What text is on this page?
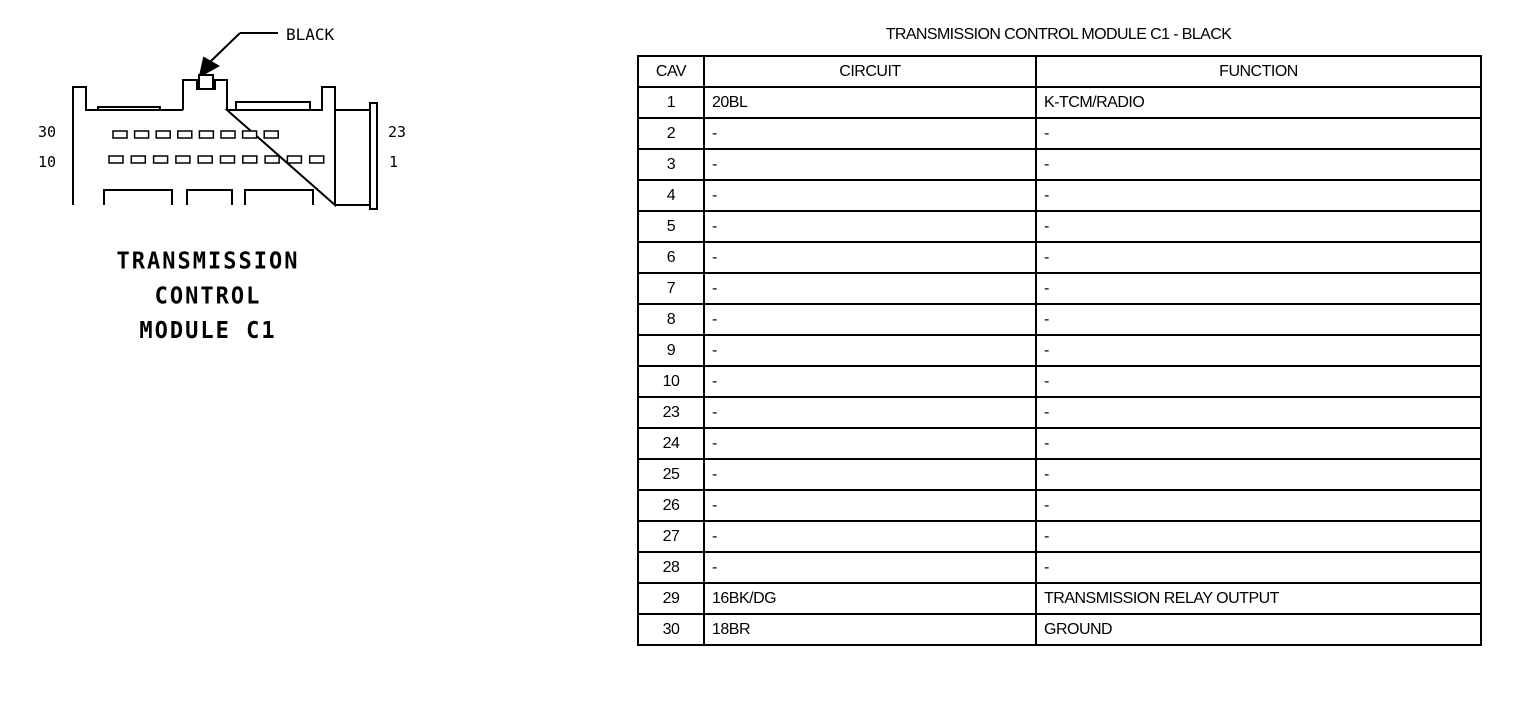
BLACK
30
10
23
1
TRANSMISSION
CONTROL
MODULE C1
TRANSMISSION CONTROL MODULE C1 - BLACK
CAV	CIRCUIT	FUNCTION
1	20BL	K-TCM/RADIO
2	-	-
3	-	-
4	-	-
5	-	-
6	-	-
7	-	-
8	-	-
9	-	-
10	-	-
23	-	-
24	-	-
25	-	-
26	-	-
27	-	-
28	-	-
29	16BK/DG	TRANSMISSION RELAY OUTPUT
30	18BR	GROUND
